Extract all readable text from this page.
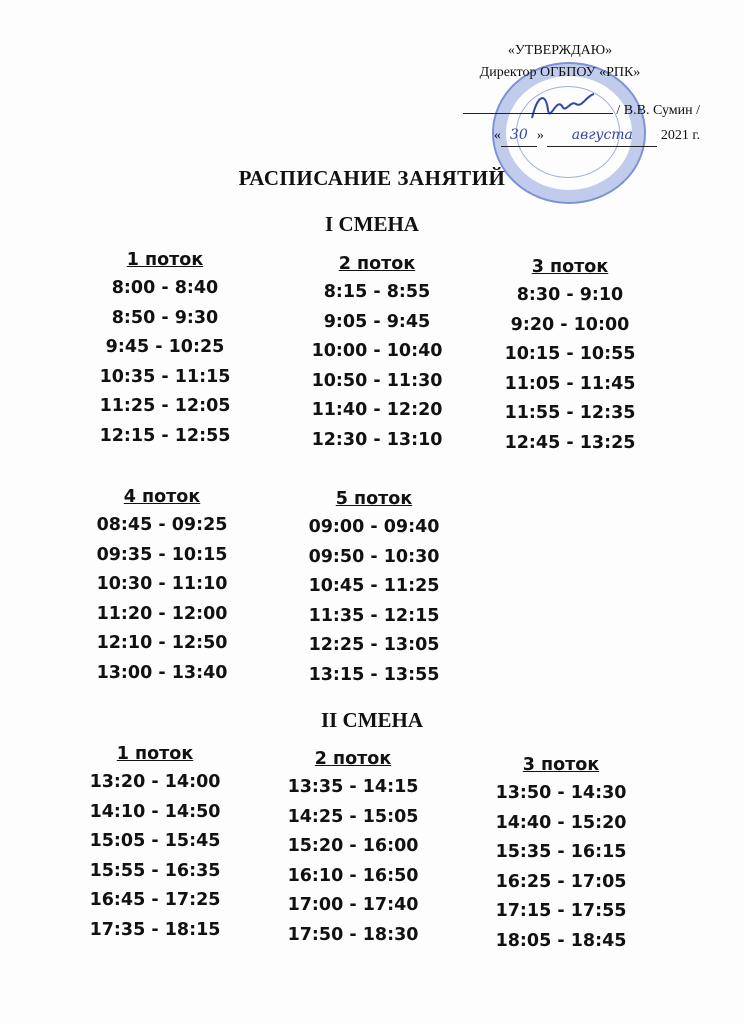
«УТВЕРЖДАЮ»
Директор ОГБПОУ «РПК»
/ В.В. Сумин /
« 30 » августа 2021 г.
РАСПИСАНИЕ ЗАНЯТИЙ
I СМЕНА
1 поток
8:00 - 8:40
8:50 - 9:30
9:45 - 10:25
10:35 - 11:15
11:25 - 12:05
12:15 - 12:55
2 поток
8:15 - 8:55
9:05 - 9:45
10:00 - 10:40
10:50 - 11:30
11:40 - 12:20
12:30 - 13:10
3 поток
8:30 - 9:10
9:20 - 10:00
10:15 - 10:55
11:05 - 11:45
11:55 - 12:35
12:45 - 13:25
4 поток
08:45 - 09:25
09:35 - 10:15
10:30 - 11:10
11:20 - 12:00
12:10 - 12:50
13:00 - 13:40
5 поток
09:00 - 09:40
09:50 - 10:30
10:45 - 11:25
11:35 - 12:15
12:25 - 13:05
13:15 - 13:55
II СМЕНА
1 поток
13:20 - 14:00
14:10 - 14:50
15:05 - 15:45
15:55 - 16:35
16:45 - 17:25
17:35 - 18:15
2 поток
13:35 - 14:15
14:25 - 15:05
15:20 - 16:00
16:10 - 16:50
17:00 - 17:40
17:50 - 18:30
3 поток
13:50 - 14:30
14:40 - 15:20
15:35 - 16:15
16:25 - 17:05
17:15 - 17:55
18:05 - 18:45
